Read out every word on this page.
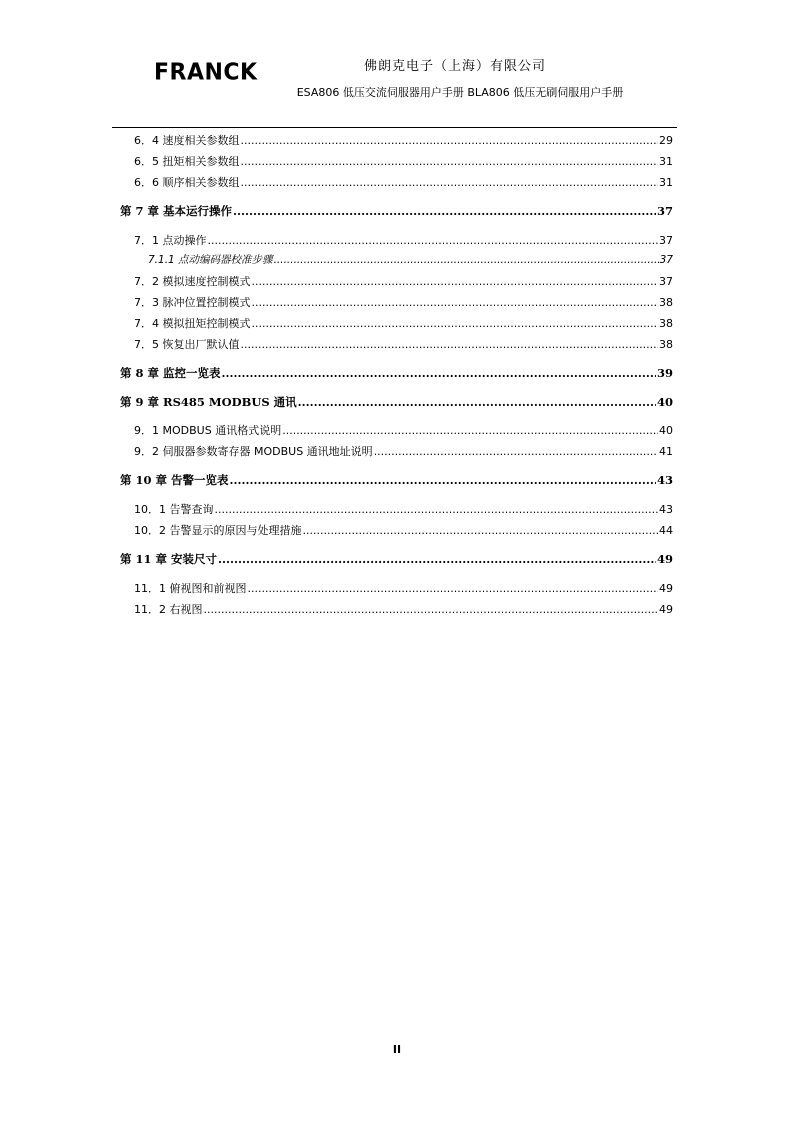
FRANCK	佛朗克电子（上海）有限公司
ESA806 低压交流伺服器用户手册 BLA806 低压无刷伺服用户手册
6．4 速度相关参数组 .....	29
6．5 扭矩相关参数组 .....	31
6．6 顺序相关参数组 .....	31
第 7 章 基本运行操作 .....	37
7．1 点动操作 .....	37
7.1.1 点动编码器校准步骤 .....	37
7．2 模拟速度控制模式 .....	37
7．3 脉冲位置控制模式 .....	38
7．4 模拟扭矩控制模式 .....	38
7．5 恢复出厂默认值 .....	38
第 8 章 监控一览表 .....	39
第 9 章 RS485 MODBUS 通讯 .....	40
9．1 MODBUS 通讯格式说明 .....	40
9．2 伺服器参数寄存器 MODBUS 通讯地址说明 .....	41
第 10 章 告警一览表 .....	43
10．1 告警查询 .....	43
10．2 告警显示的原因与处理措施 .....	44
第 11 章 安装尺寸 .....	49
11．1 俯视图和前视图 .....	49
11．2 右视图 .....	49
II
